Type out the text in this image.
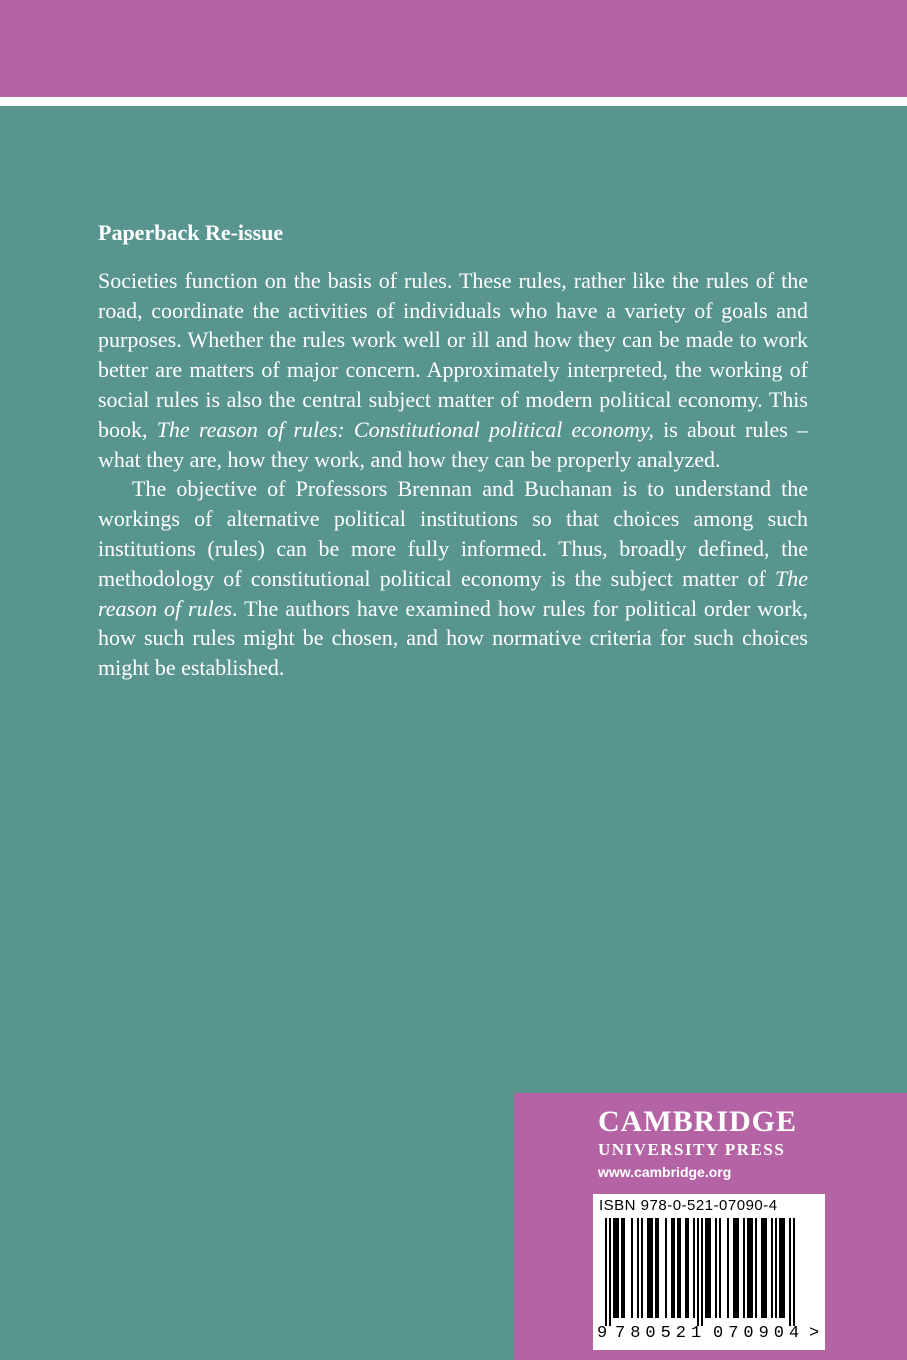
Paperback Re-issue

Societies function on the basis of rules. These rules, rather like the rules of the road, coordinate the activities of individuals who have a variety of goals and purposes. Whether the rules work well or ill and how they can be made to work better are matters of major concern. Approximately interpreted, the working of social rules is also the central subject matter of modern political economy. This book, The reason of rules: Constitutional political economy, is about rules – what they are, how they work, and how they can be properly analyzed.

The objective of Professors Brennan and Buchanan is to understand the workings of alternative political institutions so that choices among such institutions (rules) can be more fully informed. Thus, broadly defined, the methodology of constitutional political economy is the subject matter of The reason of rules. The authors have examined how rules for political order work, how such rules might be chosen, and how normative criteria for such choices might be established.

CAMBRIDGE
UNIVERSITY PRESS
www.cambridge.org
ISBN 978-0-521-07090-4
9 780521 070904 >
